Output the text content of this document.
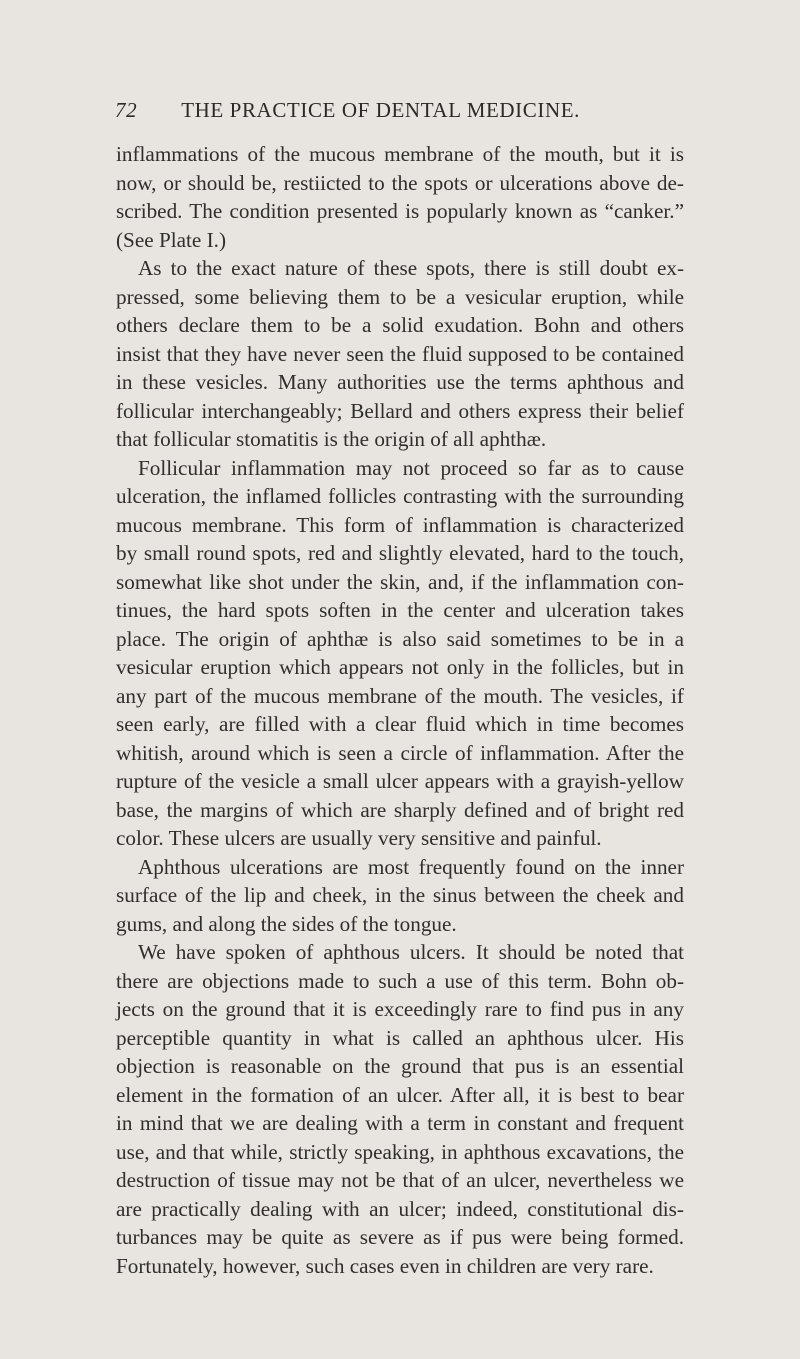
72 THE PRACTICE OF DENTAL MEDICINE.

inflammations of the mucous membrane of the mouth, but it is
now, or should be, restiicted to the spots or ulcerations above de-
scribed. The condition presented is popularly known as “canker.”
(See Plate I.)

As to the exact nature of these spots, there is still doubt ex-
pressed, some believing them to be a vesicular eruption, while
others declare them to be a solid exudation. Bohn and others
insist that they have never seen the fluid supposed to be contained
in these vesicles. Many authorities use the terms aphthous and
follicular interchangeably; Bellard and others express their belief
that follicular stomatitis is the origin of all aphthæ.

Follicular inflammation may not proceed so far as to cause
ulceration, the inflamed follicles contrasting with the surrounding
mucous membrane. This form of inflammation is characterized
by small round spots, red and slightly elevated, hard to the touch,
somewhat like shot under the skin, and, if the inflammation con-
tinues, the hard spots soften in the center and ulceration takes
place. The origin of aphthæ is also said sometimes to be in a
vesicular eruption which appears not only in the follicles, but in
any part of the mucous membrane of the mouth. The vesicles, if
seen early, are filled with a clear fluid which in time becomes
whitish, around which is seen a circle of inflammation. After the
rupture of the vesicle a small ulcer appears with a grayish-yellow
base, the margins of which are sharply defined and of bright red
color. These ulcers are usually very sensitive and painful.

Aphthous ulcerations are most frequently found on the inner
surface of the lip and cheek, in the sinus between the cheek and
gums, and along the sides of the tongue.

We have spoken of aphthous ulcers. It should be noted that
there are objections made to such a use of this term. Bohn ob-
jects on the ground that it is exceedingly rare to find pus in any
perceptible quantity in what is called an aphthous ulcer. His
objection is reasonable on the ground that pus is an essential
element in the formation of an ulcer. After all, it is best to bear
in mind that we are dealing with a term in constant and frequent
use, and that while, strictly speaking, in aphthous excavations, the
destruction of tissue may not be that of an ulcer, nevertheless we
are practically dealing with an ulcer; indeed, constitutional dis-
turbances may be quite as severe as if pus were being formed.
Fortunately, however, such cases even in children are very rare.
